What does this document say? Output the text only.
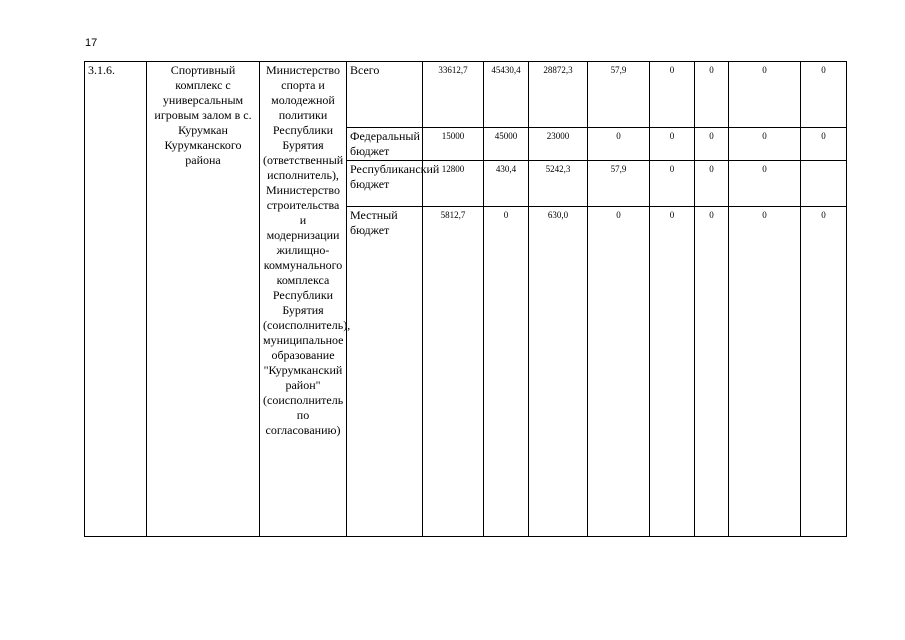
17
3.1.6.	Спортивный комплекс с универсальным игровым залом в с. Курумкан Курумканского района	Министерство спорта и молодежной политики Республики Бурятия (ответственный исполнитель), Министерство строительства и модернизации жилищно-коммунального комплекса Республики Бурятия (соисполнитель), муниципальное образование "Курумканский район" (соисполнитель по согласованию)	Всего	33612,7	45430,4	28872,3	57,9	0	0	0	0
			Федеральный бюджет	15000	45000	23000	0	0	0	0	0
			Республиканский бюджет	12800	430,4	5242,3	57,9	0	0	0	
			Местный бюджет	5812,7	0	630,0	0	0	0	0	0
